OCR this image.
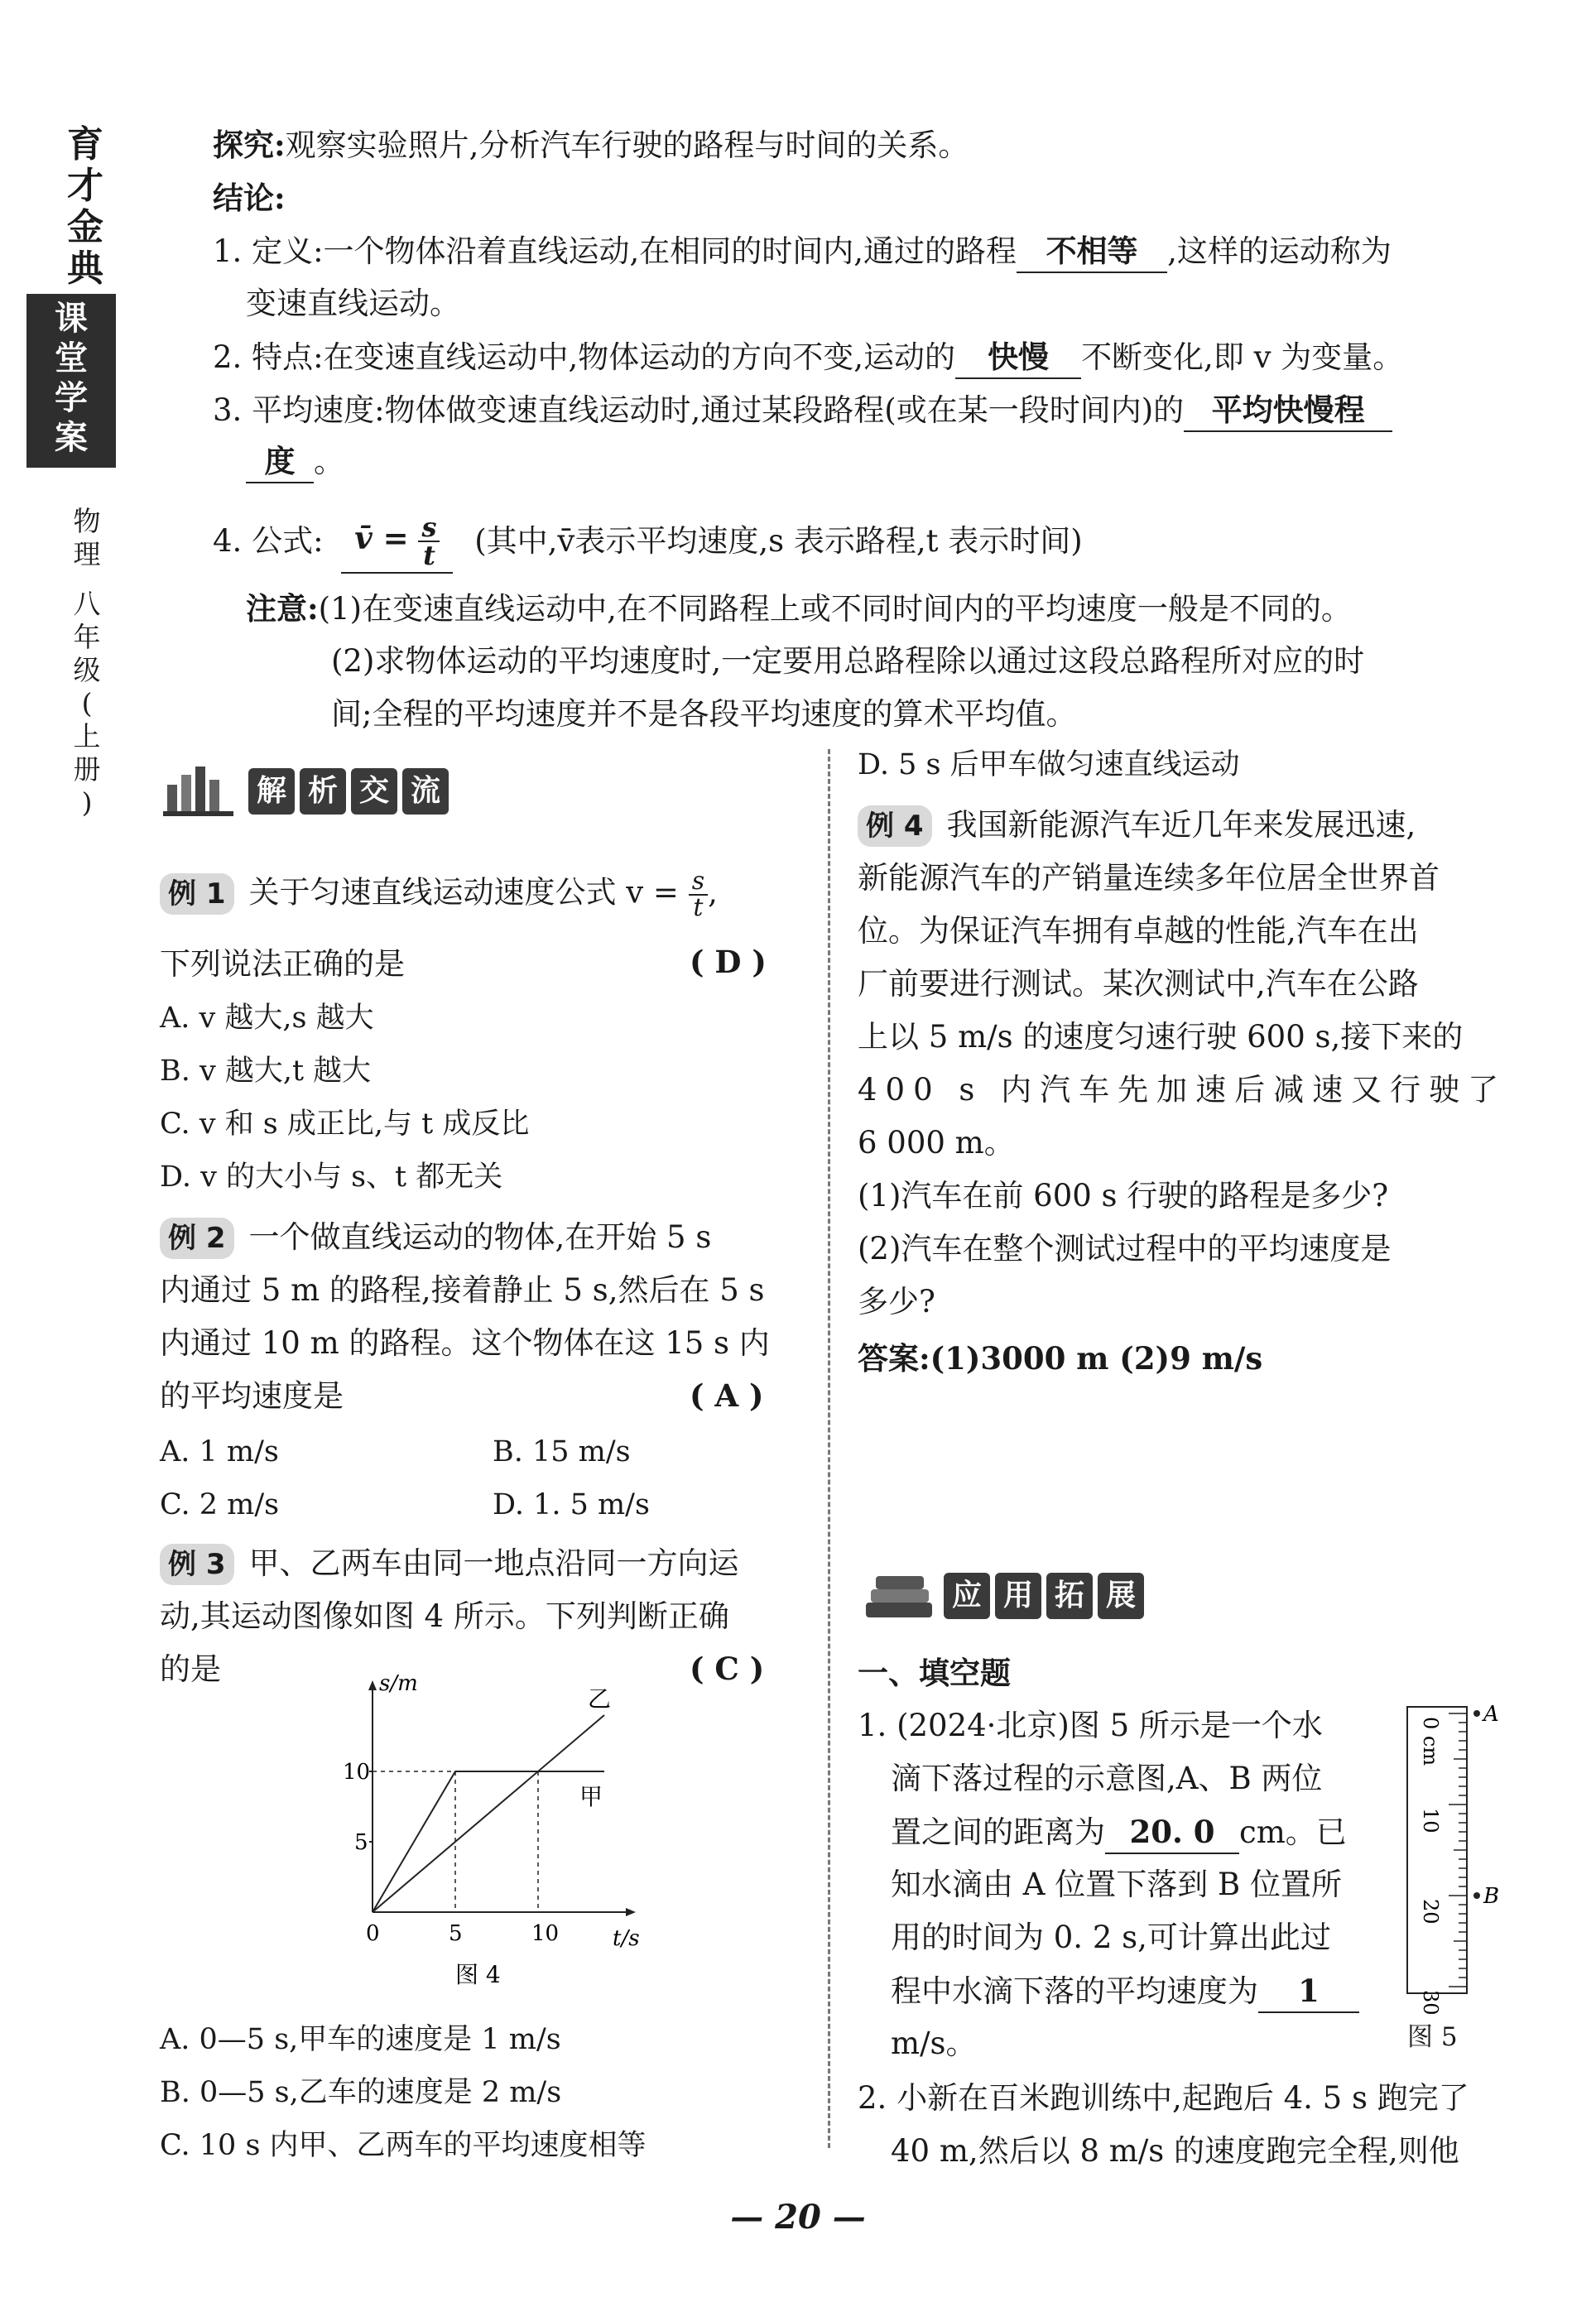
育
才
金
典
课
堂
学
案
物
理
八
年
级
(
上
册
)
探究:观察实验照片,分析汽车行驶的路程与时间的关系。
结论:
1. 定义:一个物体沿着直线运动,在相同的时间内,通过的路程 不相等 ,这样的运动称为
变速直线运动。
2. 特点:在变速直线运动中,物体运动的方向不变,运动的 快慢 不断变化,即 v 为变量。
3. 平均速度:物体做变速直线运动时,通过某段路程(或在某一段时间内)的 平均快慢程
度 。
4. 公式: v̄ = $\frac{s}{t}$ (其中,v̄表示平均速度,s 表示路程,t 表示时间)
注意:(1)在变速直线运动中,在不同路程上或不同时间内的平均速度一般是不同的。
(2)求物体运动的平均速度时,一定要用总路程除以通过这段总路程所对应的时
间;全程的平均速度并不是各段平均速度的算术平均值。
解 析 交 流
例 1 关于匀速直线运动速度公式 $v = \frac{s}{t}$ ,
下列说法正确的是	( D )
A. v 越大,s 越大
B. v 越大,t 越大
C. v 和 s 成正比,与 t 成反比
D. v 的大小与 s、t 都无关
例 2 一个做直线运动的物体,在开始 5 s
内通过 5 m 的路程,接着静止 5 s,然后在 5 s
内通过 10 m 的路程。这个物体在这 15 s 内
的平均速度是	( A )
A. 1 m/s	B. 15 m/s
C. 2 m/s	D. 1. 5 m/s
例 3 甲、乙两车由同一地点沿同一方向运
动,其运动图像如图 4 所示。下列判断正确
的是	( C )
s/m
t/s
0	5	10
5
10
甲
乙
图 4
A. 0—5 s,甲车的速度是 1 m/s
B. 0—5 s,乙车的速度是 2 m/s
C. 10 s 内甲、乙两车的平均速度相等
D. 5 s 后甲车做匀速直线运动
例 4 我国新能源汽车近几年来发展迅速,
新能源汽车的产销量连续多年位居全世界首
位。为保证汽车拥有卓越的性能,汽车在出
厂前要进行测试。某次测试中,汽车在公路
上以 5 m/s 的速度匀速行驶 600 s,接下来的
400 s 内汽车先加速后减速又行驶了
6 000 m。
(1)汽车在前 600 s 行驶的路程是多少?
(2)汽车在整个测试过程中的平均速度是
多少?
答案:(1)3000 m (2)9 m/s
应 用 拓 展
一、填空题
1. (2024·北京)图 5 所示是一个水
滴下落过程的示意图,A、B 两位
置之间的距离为 20. 0 cm。已
知水滴由 A 位置下落到 B 位置所
用的时间为 0. 2 s,可计算出此过
程中水滴下落的平均速度为 1
m/s。
0 cm
10
20
30
A
B
图 5
2. 小新在百米跑训练中,起跑后 4. 5 s 跑完了
40 m,然后以 8 m/s 的速度跑完全程,则他
— 20 —
